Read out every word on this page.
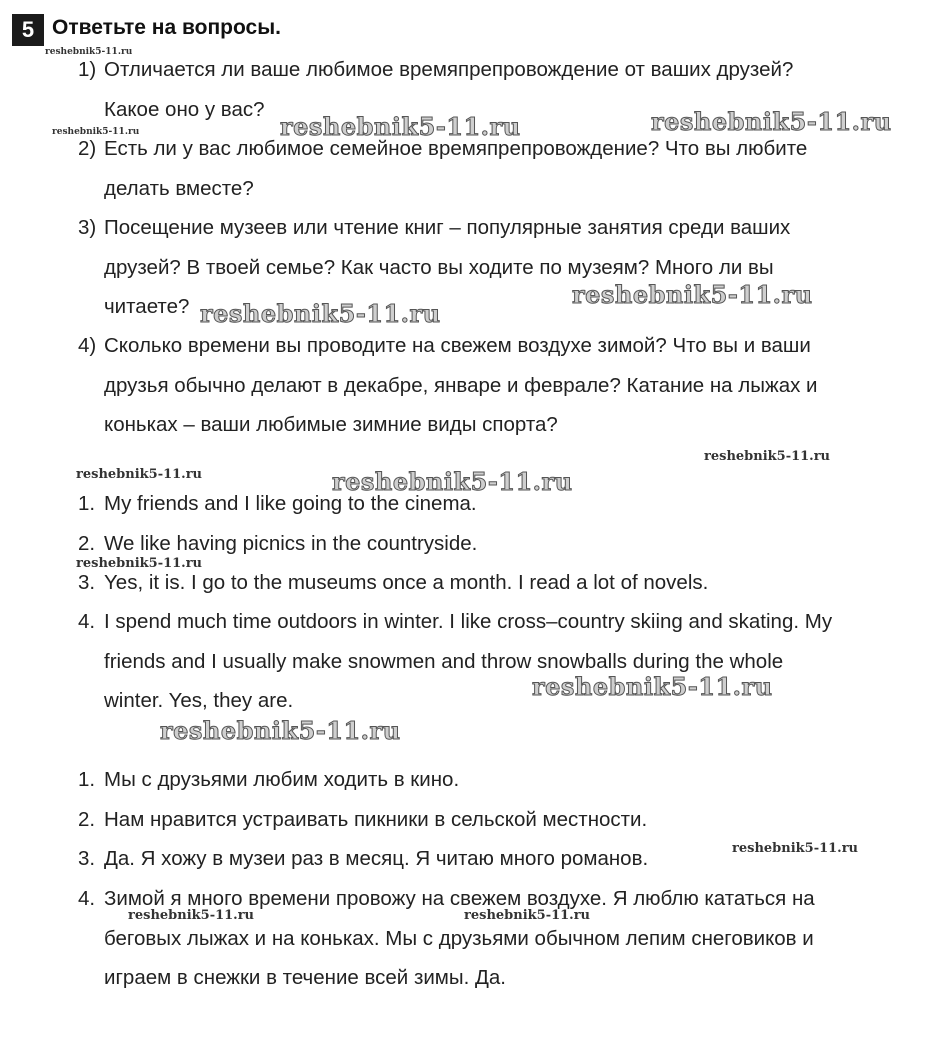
5 Ответьте на вопросы.
1) Отличается ли ваше любимое времяпрепровождение от ваших друзей?
Какое оно у вас?
2) Есть ли у вас любимое семейное времяпрепровождение? Что вы любите
делать вместе?
3) Посещение музеев или чтение книг – популярные занятия среди ваших
друзей? В твоей семье? Как часто вы ходите по музеям? Много ли вы
читаете?
4) Сколько времени вы проводите на свежем воздухе зимой? Что вы и ваши
друзья обычно делают в декабре, январе и феврале? Катание на лыжах и
коньках – ваши любимые зимние виды спорта?
1. My friends and I like going to the cinema.
2. We like having picnics in the countryside.
3. Yes, it is. I go to the museums once a month. I read a lot of novels.
4. I spend much time outdoors in winter. I like cross–country skiing and skating. My
friends and I usually make snowmen and throw snowballs during the whole
winter. Yes, they are.
1. Мы с друзьями любим ходить в кино.
2. Нам нравится устраивать пикники в сельской местности.
3. Да. Я хожу в музеи раз в месяц. Я читаю много романов.
4. Зимой я много времени провожу на свежем воздухе. Я люблю кататься на
беговых лыжах и на коньках. Мы с друзьями обычном лепим снеговиков и
играем в снежки в течение всей зимы. Да.
reshebnik5-11.ru
reshebnik5-11.ru	reshebnik5-11.ru	reshebnik5-11.ru
reshebnik5-11.ru
reshebnik5-11.ru
reshebnik5-11.ru
reshebnik5-11.ru	reshebnik5-11.ru
reshebnik5-11.ru
reshebnik5-11.ru
reshebnik5-11.ru
reshebnik5-11.ru
reshebnik5-11.ru	reshebnik5-11.ru
